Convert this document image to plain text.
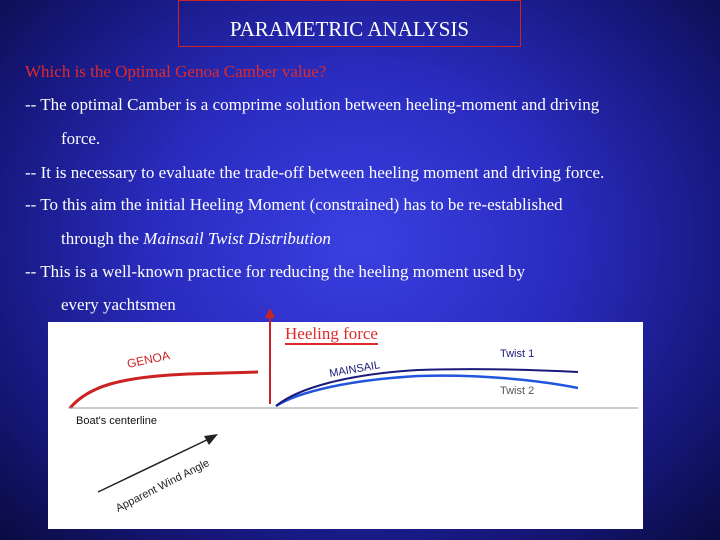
PARAMETRIC ANALYSIS
Which is the Optimal Genoa Camber value?
-- The optimal Camber is a comprime solution between heeling-moment and driving
force.
-- It is necessary to evaluate the trade-off between heeling moment and driving force.
-- To this aim the initial Heeling Moment (constrained) has to be re-established
through the Mainsail Twist Distribution
-- This is a well-known practice for reducing the heeling moment used by
every yachtsmen
GENOA	MAINSAIL
Twist 1
Twist 2
Boat's centerline
Apparent Wind Angle
Heeling force
